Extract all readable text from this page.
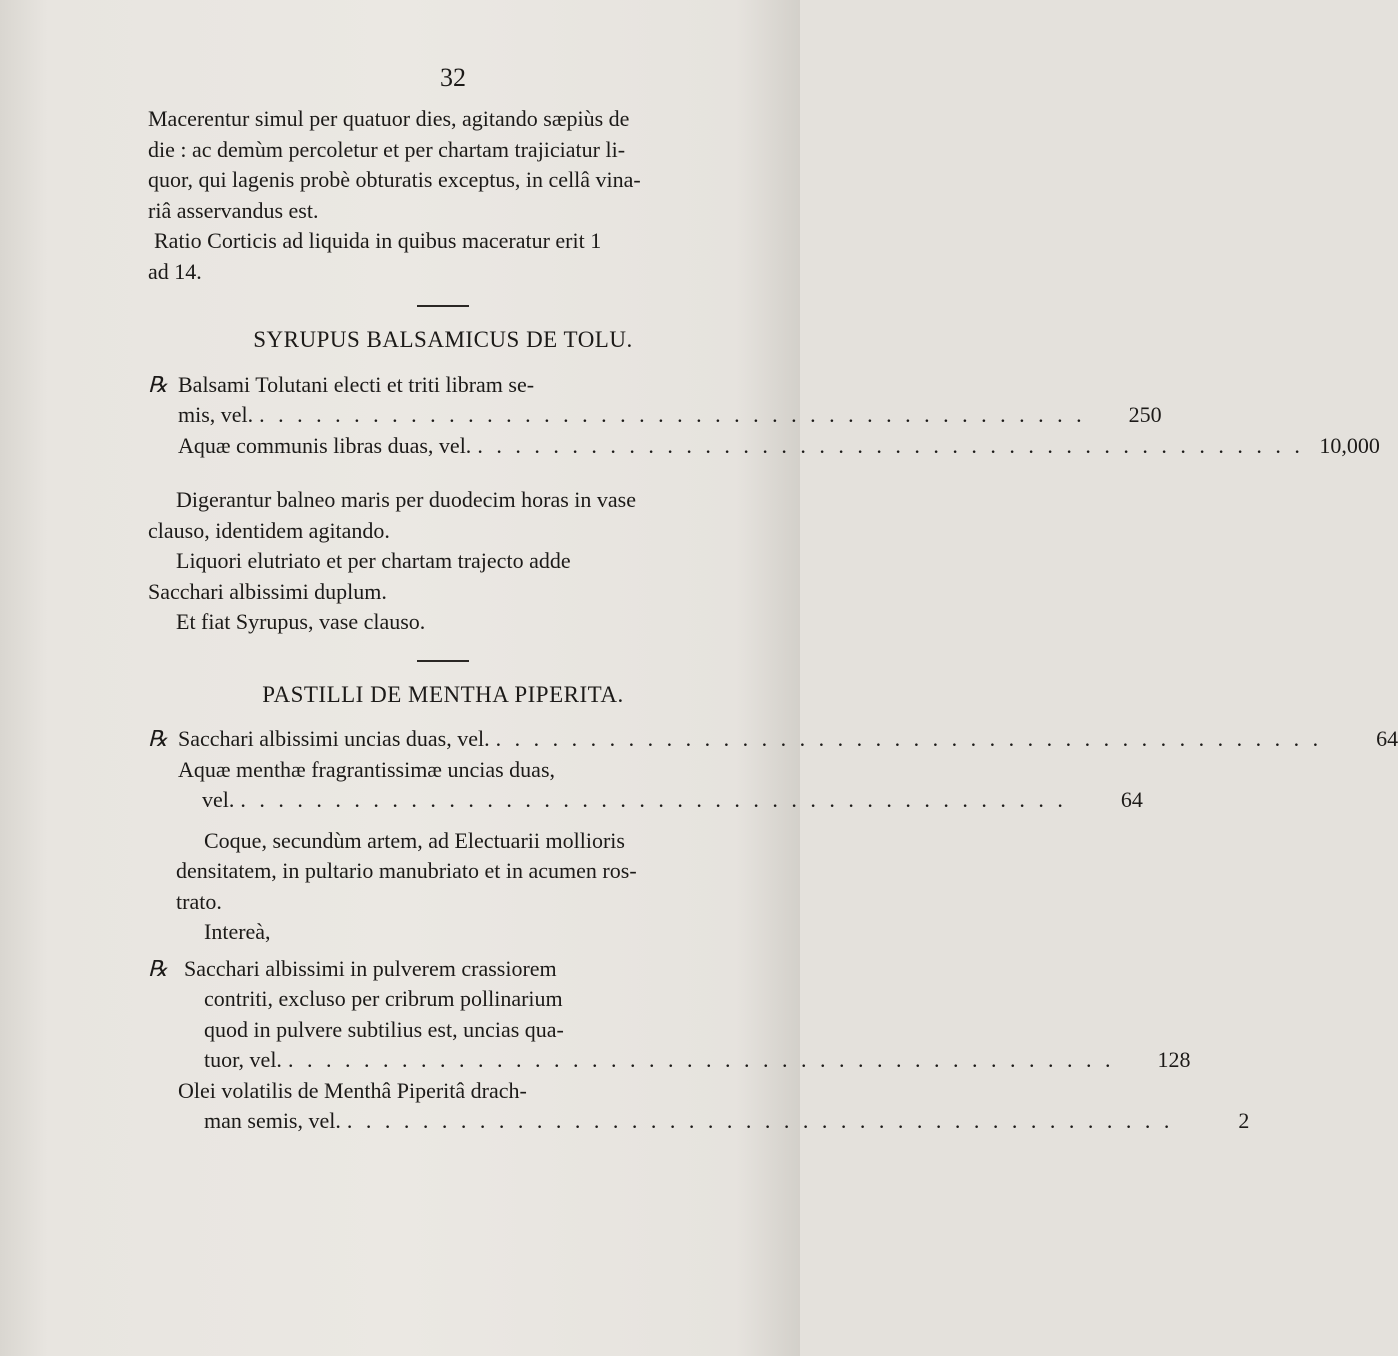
32

Macerentur simul per quatuor dies, agitando sæpiùs de

die : ac demùm percoletur et per chartam trajiciatur li-

quor, qui lagenis probè obturatis exceptus, in cellâ vina-

riâ asservandus est.

Ratio Corticis ad liquida in quibus maceratur erit 1

ad 14.

SYRUPUS BALSAMICUS DE TOLU.
℞ Balsami Tolutani electi et triti libram se-
mis, vel. . . . . . . . . . . . . . . . . . . . . . . . . . . . . . . . . . . . . . . . . . . . .	250
Aquæ communis libras duas, vel. . . . . . . . . . . . . . . . . . . . . . . . . . . . . . . . . . . . . . . . . . . . . 10,000

Digerantur balneo maris per duodecim horas in vase

clauso, identidem agitando.

Liquori elutriato et per chartam trajecto adde

Sacchari albissimi duplum.

Et fiat Syrupus, vase clauso.

PASTILLI DE MENTHA PIPERITA.
℞ Sacchari albissimi uncias duas, vel. . . . . . . . . . . . . . . . . . . . . . . . . . . . . . . . . . . . . . . . . . . . .	64
Aquæ menthæ fragrantissimæ uncias duas,
vel. . . . . . . . . . . . . . . . . . . . . . . . . . . . . . . . . . . . . . . . . . . . .	64

Coque, secundùm artem, ad Electuarii mollioris

densitatem, in pultario manubriato et in acumen ros-

trato.

Intereà,

℞ Sacchari albissimi in pulverem crassiorem
contriti, excluso per cribrum pollinarium
quod in pulvere subtilius est, uncias qua-
tuor, vel. . . . . . . . . . . . . . . . . . . . . . . . . . . . . . . . . . . . . . . . . . . . .	128
Olei volatilis de Menthâ Piperitâ drach-
man semis, vel. . . . . . . . . . . . . . . . . . . . . . . . . . . . . . . . . . . . . . . . . . . . .	2
